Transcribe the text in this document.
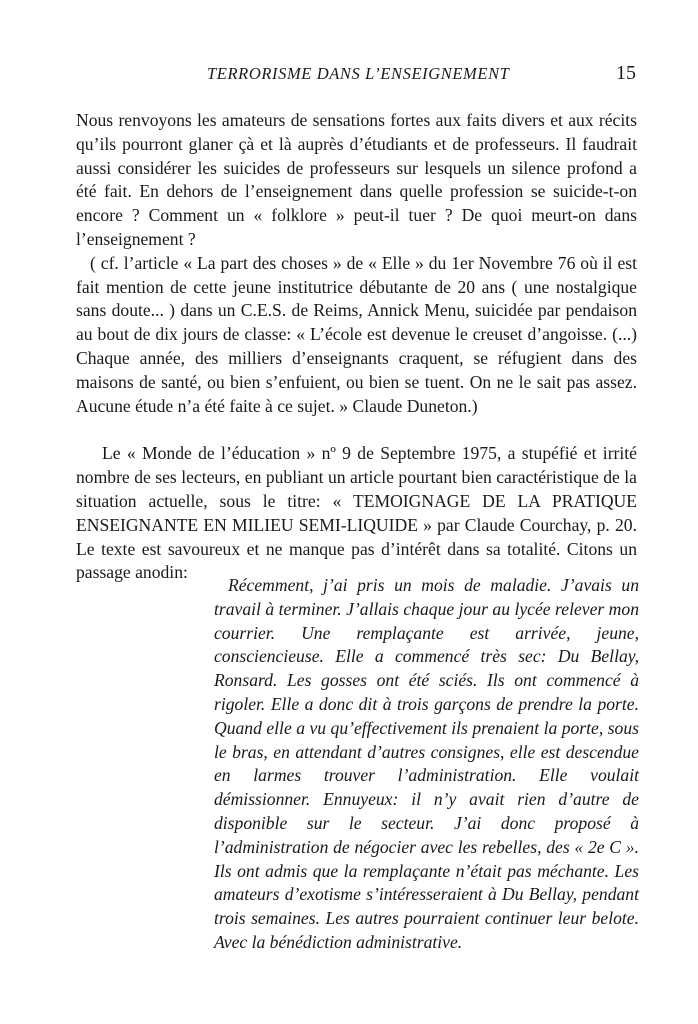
TERRORISME DANS L’ENSEIGNEMENT	15

Nous renvoyons les amateurs de sensations fortes aux faits divers et aux récits qu’ils pourront glaner çà et là auprès d’étudiants et de professeurs. Il faudrait aussi considérer les suicides de professeurs sur lesquels un silence profond a été fait. En dehors de l’enseignement dans quelle profession se suicide-t-on encore ? Comment un « folklore » peut-il tuer ? De quoi meurt-on dans l’enseignement ?

( cf. l’article « La part des choses » de « Elle » du 1er Novembre 76 où il est fait mention de cette jeune institutrice débutante de 20 ans ( une nostalgique sans doute... ) dans un C.E.S. de Reims, Annick Menu, suicidée par pendaison au bout de dix jours de classe: « L’école est devenue le creuset d’angoisse. (...) Chaque année, des milliers d’enseignants craquent, se réfugient dans des maisons de santé, ou bien s’enfuient, ou bien se tuent. On ne le sait pas assez. Aucune étude n’a été faite à ce sujet. » Claude Duneton.)

Le « Monde de l’éducation » nº 9 de Septembre 1975, a stupéfié et irrité nombre de ses lecteurs, en publiant un article pourtant bien caractéristique de la situation actuelle, sous le titre: « TEMOIGNAGE DE LA PRATIQUE ENSEIGNANTE EN MILIEU SEMI-LIQUIDE » par Claude Courchay, p. 20. Le texte est savoureux et ne manque pas d’intérêt dans sa totalité. Citons un passage anodin:

Récemment, j’ai pris un mois de maladie. J’avais un travail à terminer. J’allais chaque jour au lycée relever mon courrier. Une remplaçante est arrivée, jeune, consciencieuse. Elle a commencé très sec: Du Bellay, Ronsard. Les gosses ont été sciés. Ils ont commencé à rigoler. Elle a donc dit à trois garçons de prendre la porte. Quand elle a vu qu’effectivement ils prenaient la porte, sous le bras, en attendant d’autres consignes, elle est descendue en larmes trouver l’administration. Elle voulait démissionner. Ennuyeux: il n’y avait rien d’autre de disponible sur le secteur. J’ai donc proposé à l’administration de négocier avec les rebelles, des « 2e C ». Ils ont admis que la remplaçante n’était pas méchante. Les amateurs d’exotisme s’intéresseraient à Du Bellay, pendant trois semaines. Les autres pourraient continuer leur belote. Avec la bénédiction administrative.
